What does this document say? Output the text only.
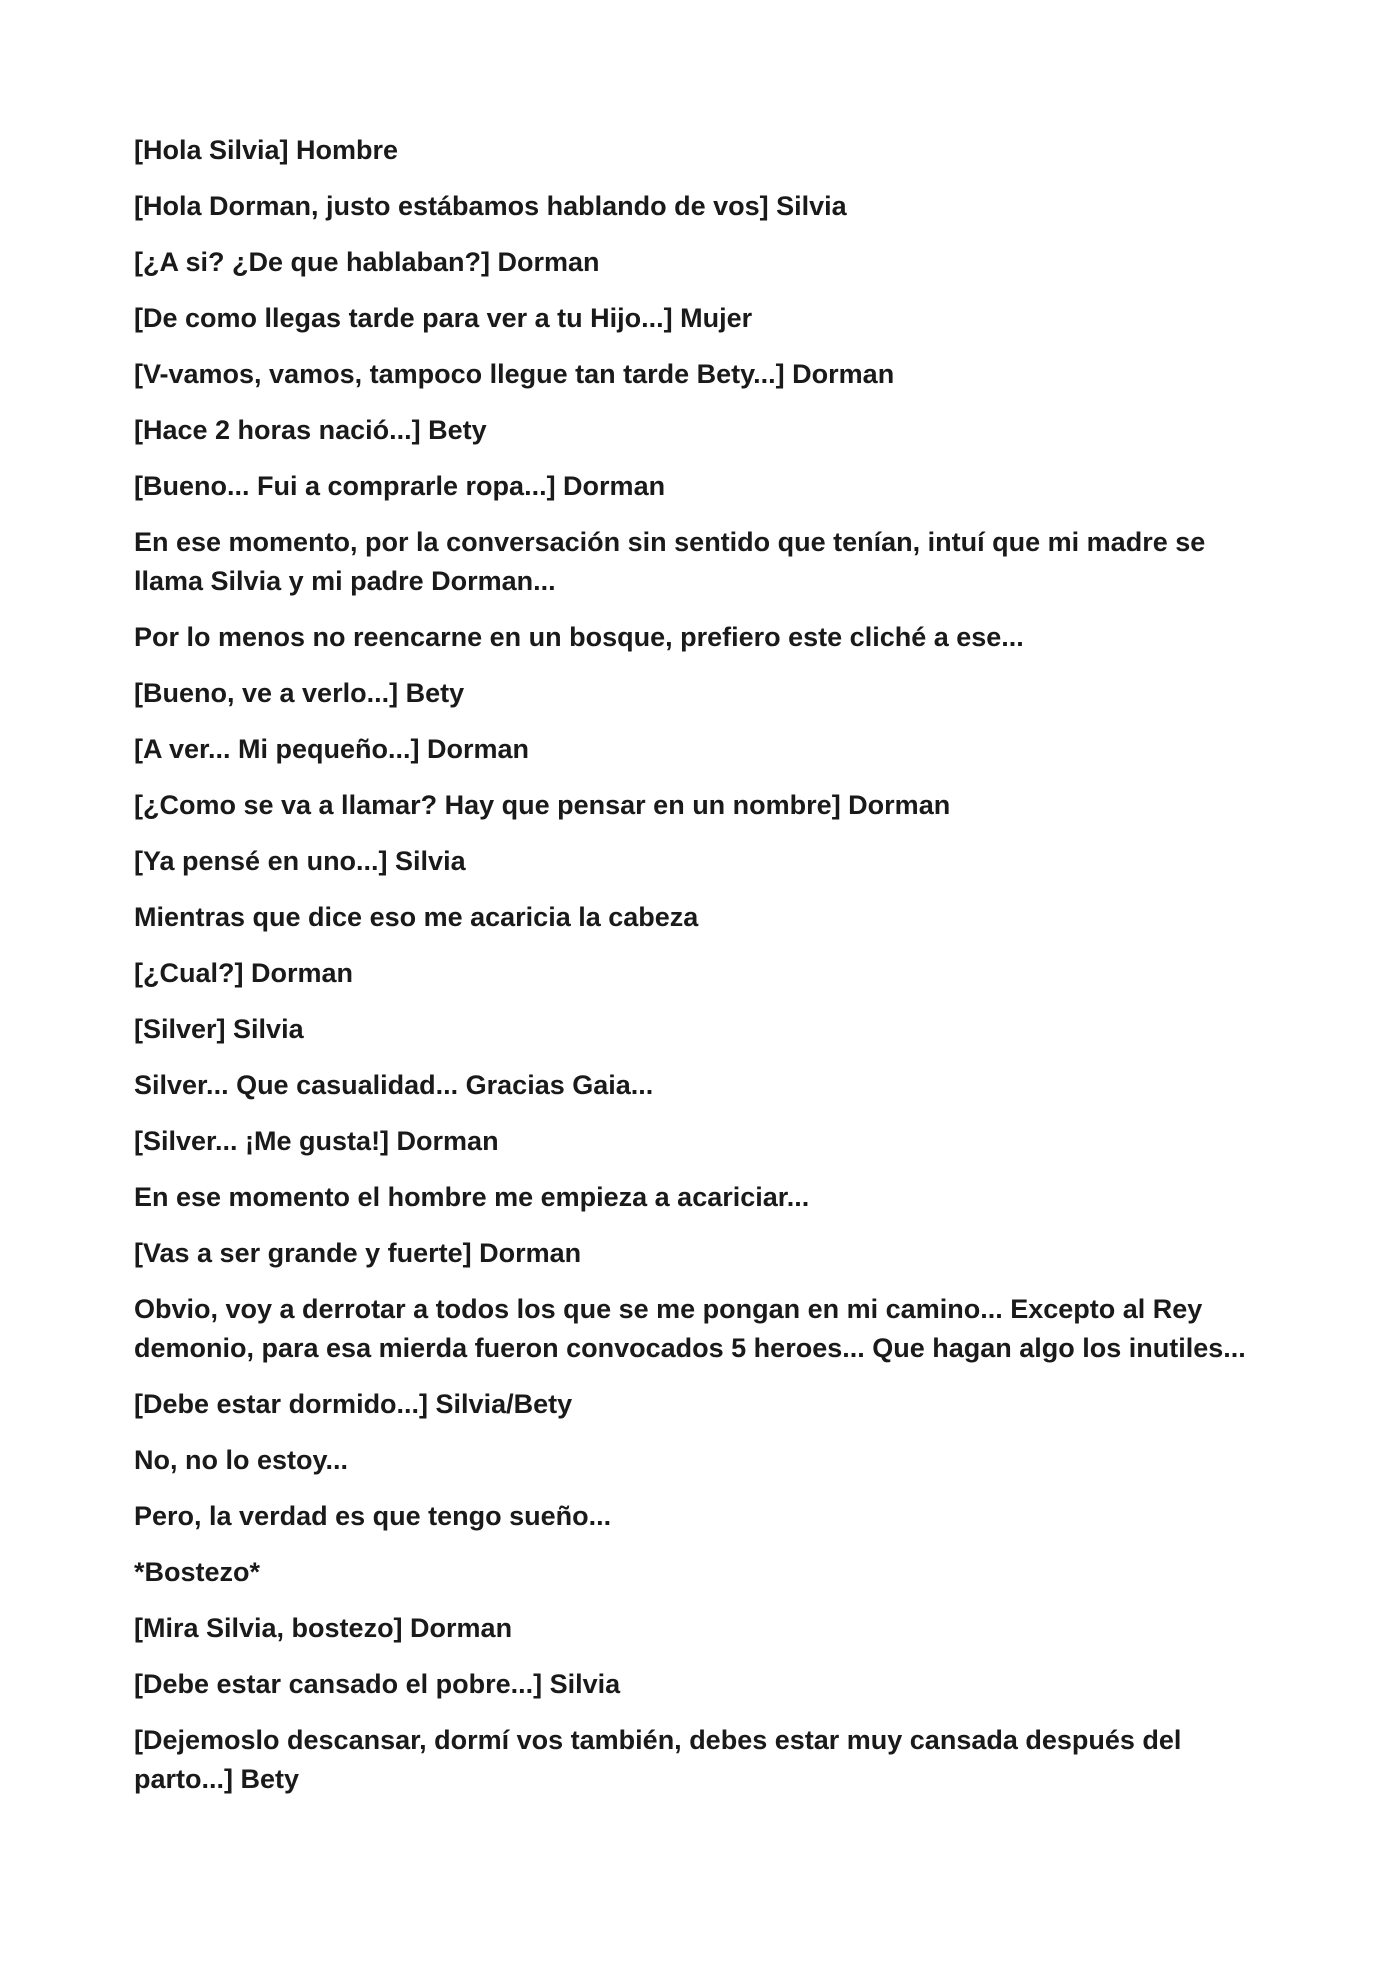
[Hola Silvia] Hombre

[Hola Dorman, justo estábamos hablando de vos] Silvia

[¿A si? ¿De que hablaban?] Dorman

[De como llegas tarde para ver a tu Hijo...] Mujer

[V-vamos, vamos, tampoco llegue tan tarde Bety...] Dorman

[Hace 2 horas nació...] Bety

[Bueno... Fui a comprarle ropa...] Dorman

En ese momento, por la conversación sin sentido que tenían, intuí que mi madre se llama Silvia y mi padre Dorman...

Por lo menos no reencarne en un bosque, prefiero este cliché a ese...

[Bueno, ve a verlo...] Bety

[A ver... Mi pequeño...] Dorman

[¿Como se va a llamar? Hay que pensar en un nombre] Dorman

[Ya pensé en uno...] Silvia

Mientras que dice eso me acaricia la cabeza

[¿Cual?] Dorman

[Silver] Silvia

Silver... Que casualidad... Gracias Gaia...

[Silver... ¡Me gusta!] Dorman

En ese momento el hombre me empieza a acariciar...

[Vas a ser grande y fuerte] Dorman

Obvio, voy a derrotar a todos los que se me pongan en mi camino... Excepto al Rey demonio, para esa mierda fueron convocados 5 heroes... Que hagan algo los inutiles...

[Debe estar dormido...] Silvia/Bety

No, no lo estoy...

Pero, la verdad es que tengo sueño...

*Bostezo*

[Mira Silvia, bostezo] Dorman

[Debe estar cansado el pobre...] Silvia

[Dejemoslo descansar, dormí vos también, debes estar muy cansada después del parto...] Bety
